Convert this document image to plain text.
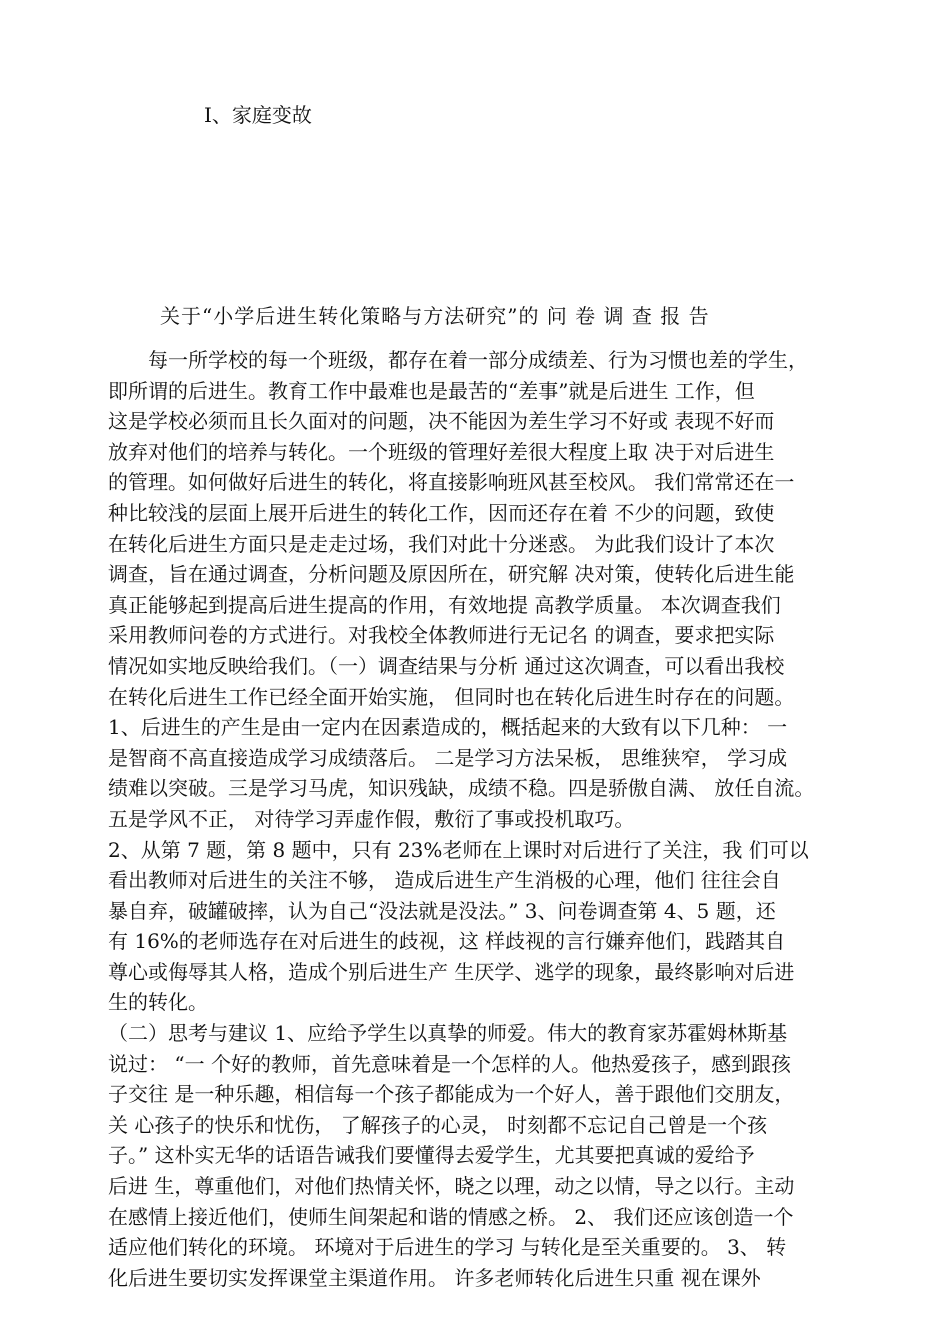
I、家庭变故
关于“小学后进生转化策略与方法研究”的 问 卷 调 查 报 告
　　每一所学校的每一个班级，都存在着一部分成绩差、行为习惯也差的学生，
即所谓的后进生。教育工作中最难也是最苦的“差事”就是后进生 工作，但
这是学校必须而且长久面对的问题，决不能因为差生学习不好或 表现不好而
放弃对他们的培养与转化。一个班级的管理好差很大程度上取 决于对后进生
的管理。如何做好后进生的转化，将直接影响班风甚至校风。 我们常常还在一
种比较浅的层面上展开后进生的转化工作，因而还存在着 不少的问题，致使
在转化后进生方面只是走走过场，我们对此十分迷惑。 为此我们设计了本次
调查，旨在通过调查，分析问题及原因所在，研究解 决对策，使转化后进生能
真正能够起到提高后进生提高的作用，有效地提 高教学质量。 本次调查我们
采用教师问卷的方式进行。对我校全体教师进行无记名 的调查，要求把实际
情况如实地反映给我们。（一）调查结果与分析 通过这次调查，可以看出我校
在转化后进生工作已经全面开始实施， 但同时也在转化后进生时存在的问题。
1、后进生的产生是由一定内在因素造成的，概括起来的大致有以下几种： 一
是智商不高直接造成学习成绩落后。 二是学习方法呆板， 思维狭窄， 学习成
绩难以突破。三是学习马虎，知识残缺，成绩不稳。四是骄傲自满、 放任自流。
五是学风不正， 对待学习弄虚作假，敷衍了事或投机取巧。
2、从第 7 题，第 8 题中，只有 23%老师在上课时对后进行了关注，我 们可以
看出教师对后进生的关注不够， 造成后进生产生消极的心理，他们 往往会自
暴自弃，破罐破摔，认为自己“没法就是没法。” 3、问卷调查第 4、5 题，还
有 16%的老师选存在对后进生的歧视，这 样歧视的言行嫌弃他们，践踏其自
尊心或侮辱其人格，造成个别后进生产 生厌学、逃学的现象，最终影响对后进
生的转化。
（二）思考与建议 1、应给予学生以真挚的师爱。伟大的教育家苏霍姆林斯基
说过： “一 个好的教师，首先意味着是一个怎样的人。他热爱孩子，感到跟孩
子交往 是一种乐趣，相信每一个孩子都能成为一个好人，善于跟他们交朋友，
关 心孩子的快乐和忧伤， 了解孩子的心灵， 时刻都不忘记自己曾是一个孩
子。” 这朴实无华的话语告诫我们要懂得去爱学生，尤其要把真诚的爱给予
后进 生，尊重他们，对他们热情关怀，晓之以理，动之以情，导之以行。主动
在感情上接近他们，使师生间架起和谐的情感之桥。 2、 我们还应该创造一个
适应他们转化的环境。 环境对于后进生的学习 与转化是至关重要的。 3、 转
化后进生要切实发挥课堂主渠道作用。 许多老师转化后进生只重 视在课外
